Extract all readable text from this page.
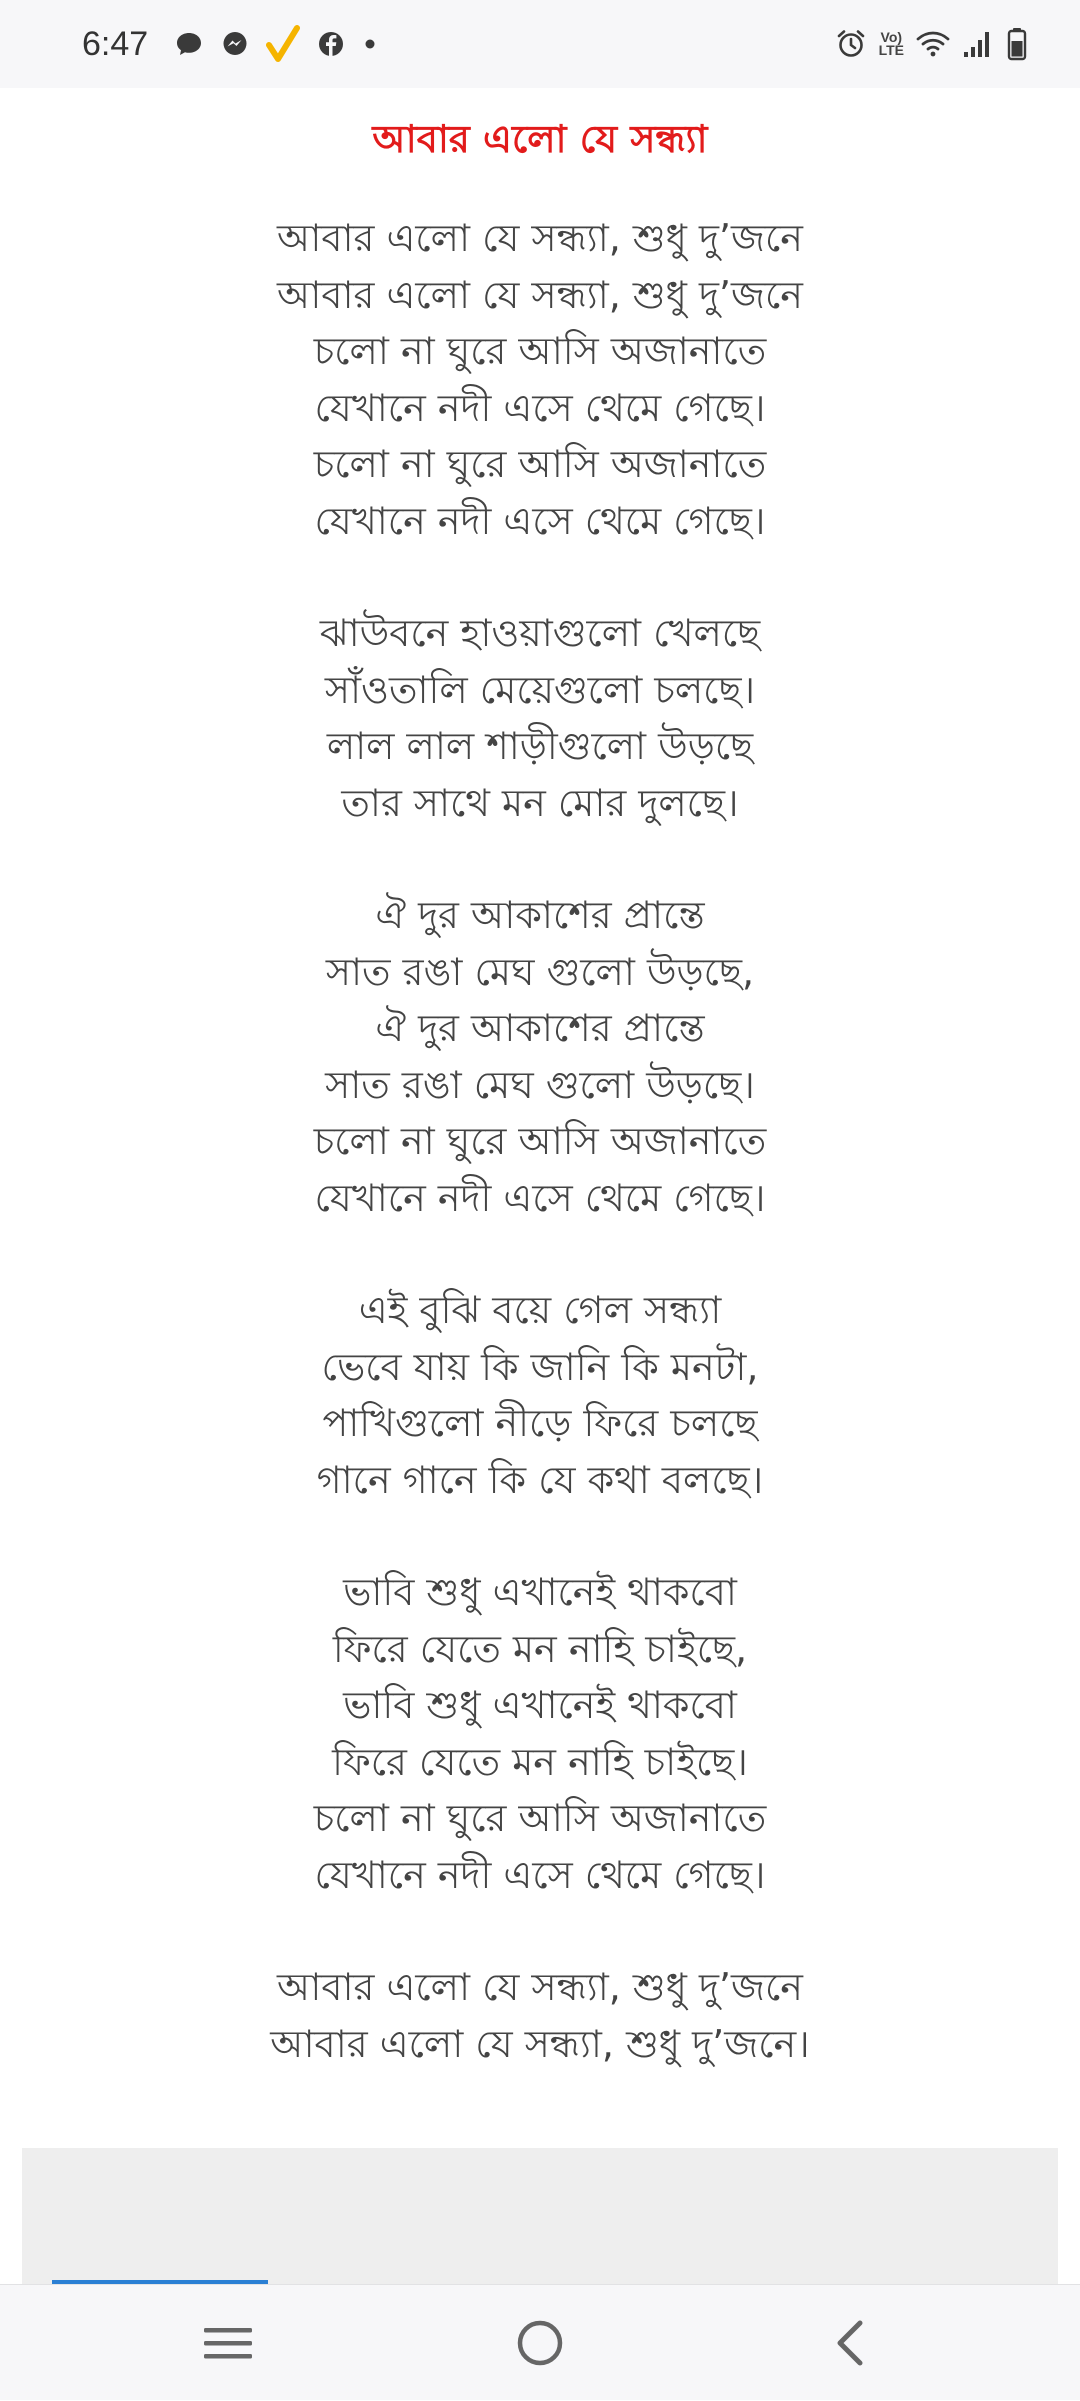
6:47	Vo)
LTE
আবার এলো যে সন্ধ্যা
আবার এলো যে সন্ধ্যা, শুধু দু’জনে
আবার এলো যে সন্ধ্যা, শুধু দু’জনে
চলো না ঘুরে আসি অজানাতে
যেখানে নদী এসে থেমে গেছে।
চলো না ঘুরে আসি অজানাতে
যেখানে নদী এসে থেমে গেছে।
ঝাউবনে হাওয়াগুলো খেলছে
সাঁওতালি মেয়েগুলো চলছে।
লাল লাল শাড়ীগুলো উড়ছে
তার সাথে মন মোর দুলছে।
ঐ দুর আকাশের প্রান্তে
সাত রঙা মেঘ গুলো উড়ছে,
ঐ দুর আকাশের প্রান্তে
সাত রঙা মেঘ গুলো উড়ছে।
চলো না ঘুরে আসি অজানাতে
যেখানে নদী এসে থেমে গেছে।
এই বুঝি বয়ে গেল সন্ধ্যা
ভেবে যায় কি জানি কি মনটা,
পাখিগুলো নীড়ে ফিরে চলছে
গানে গানে কি যে কথা বলছে।
ভাবি শুধু এখানেই থাকবো
ফিরে যেতে মন নাহি চাইছে,
ভাবি শুধু এখানেই থাকবো
ফিরে যেতে মন নাহি চাইছে।
চলো না ঘুরে আসি অজানাতে
যেখানে নদী এসে থেমে গেছে।
আবার এলো যে সন্ধ্যা, শুধু দু’জনে
আবার এলো যে সন্ধ্যা, শুধু দু’জনে।
